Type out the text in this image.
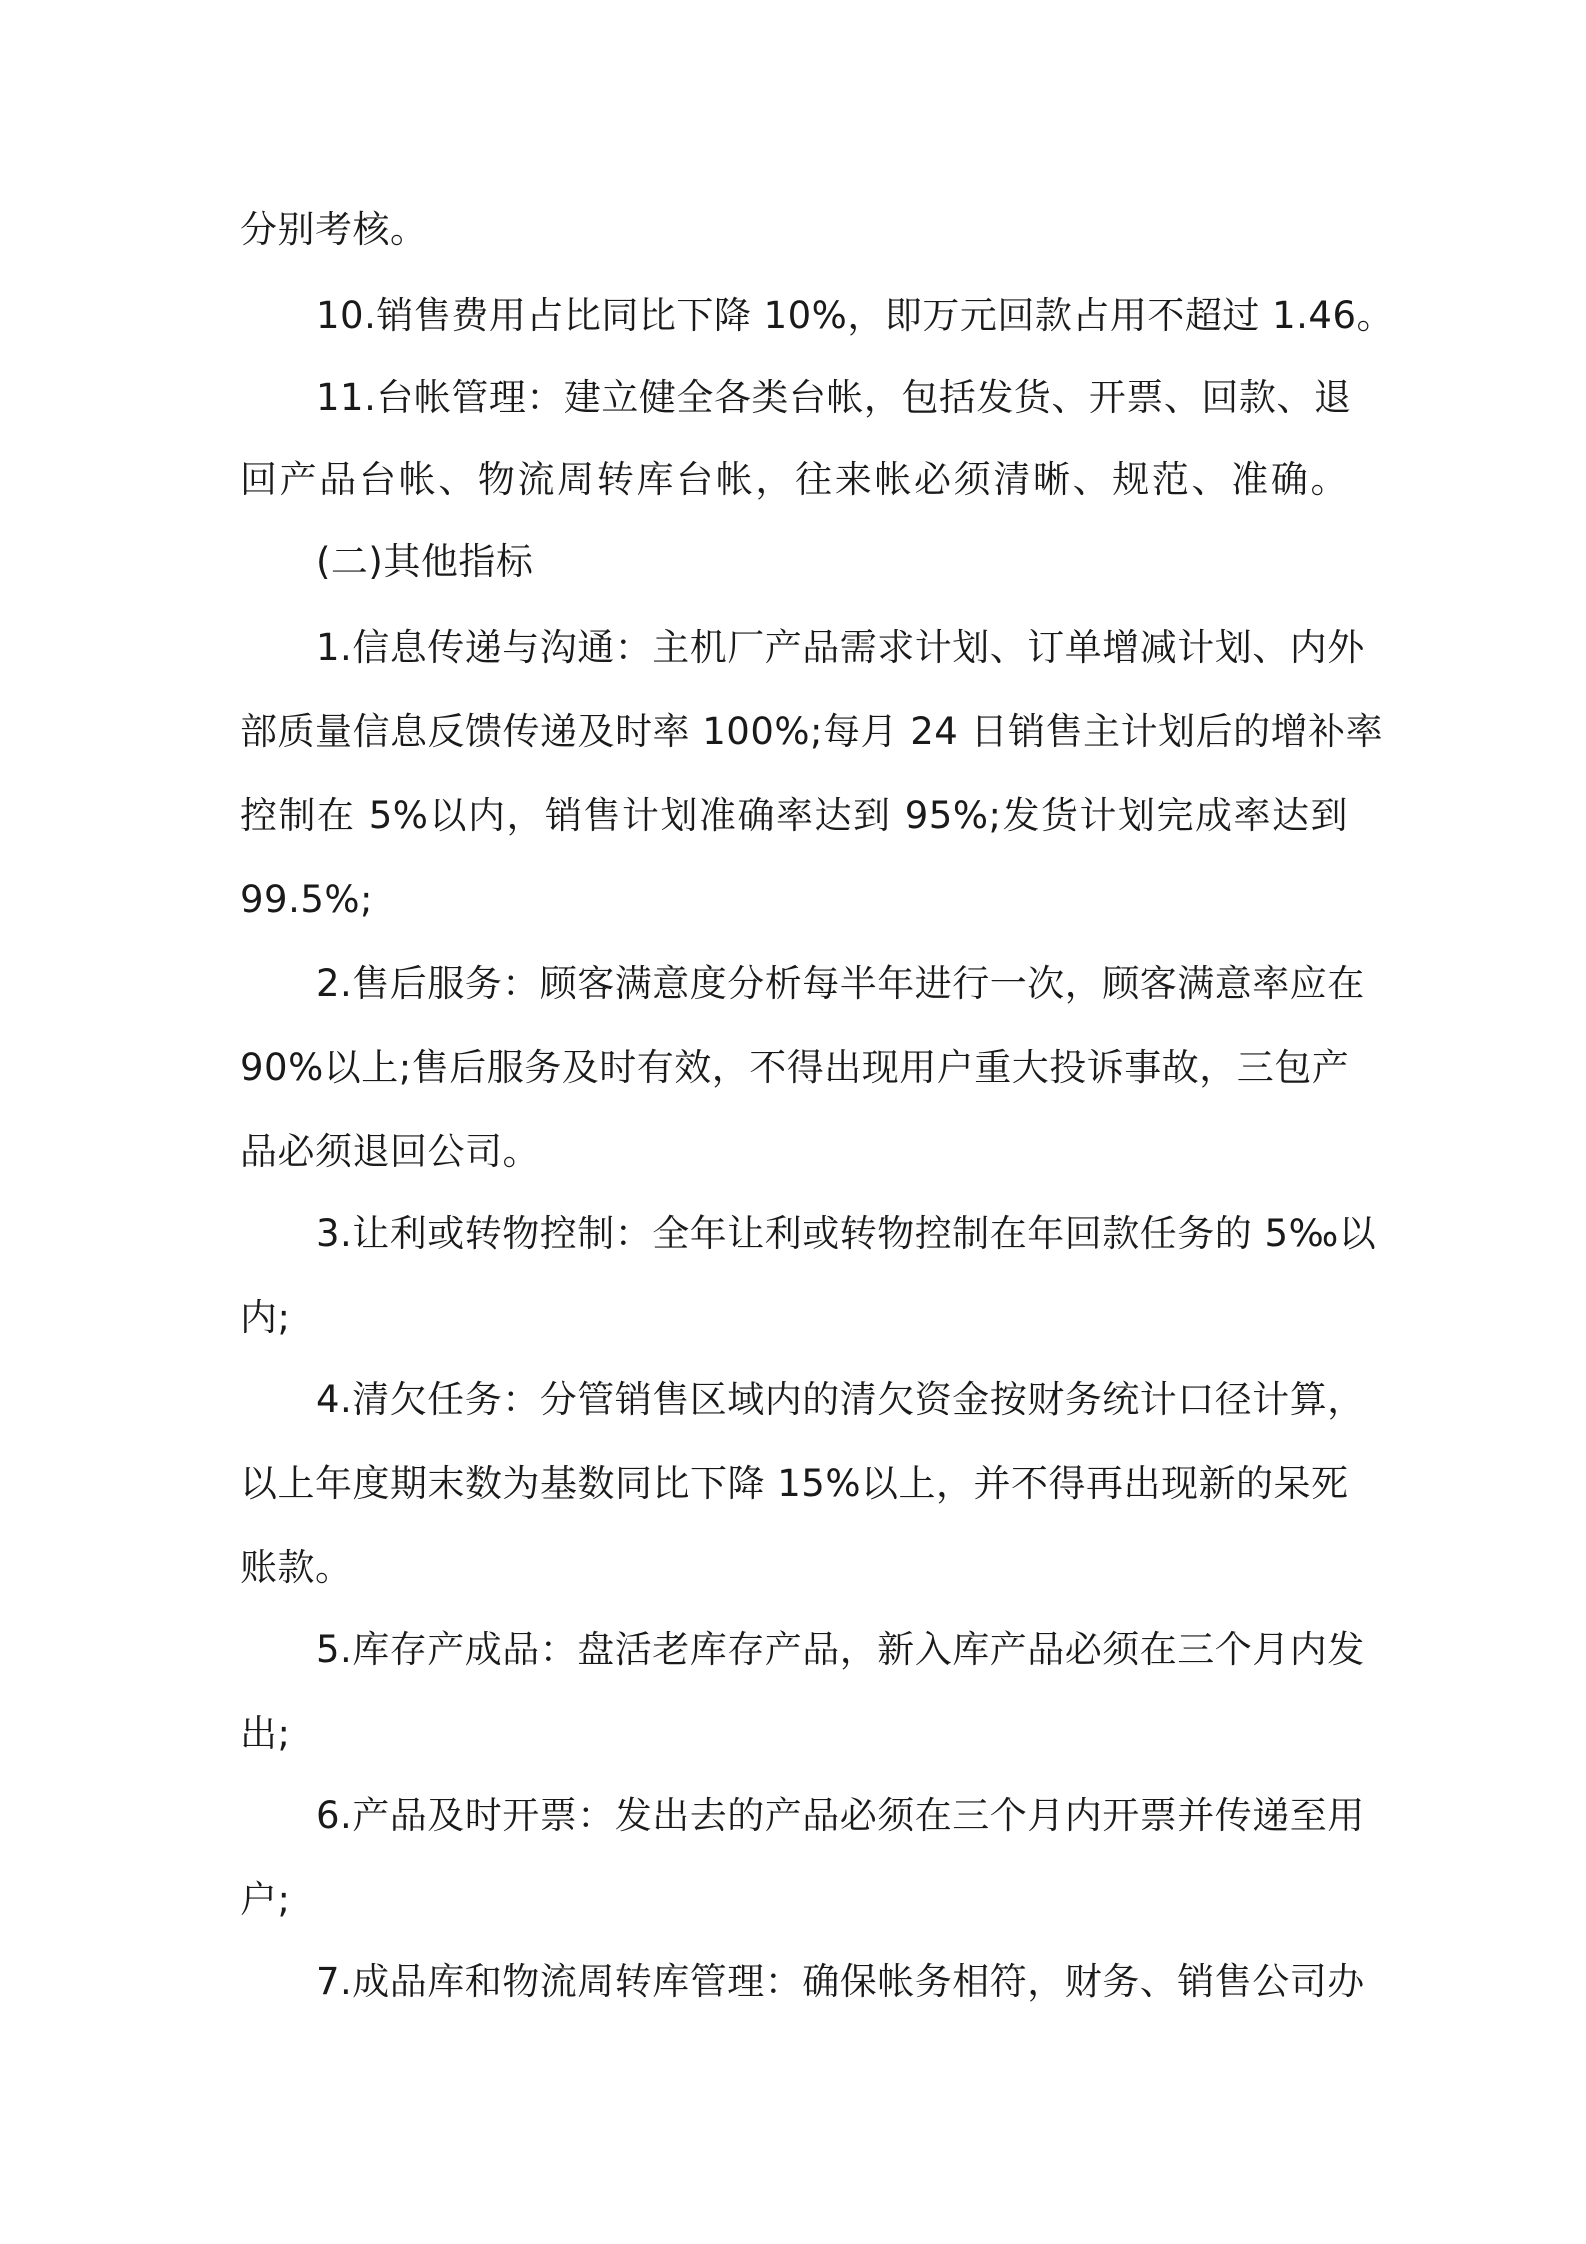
分别考核。
10.销售费用占比同比下降 10%，即万元回款占用不超过 1.46。
11.台帐管理：建立健全各类台帐，包括发货、开票、回款、退
回产品台帐、物流周转库台帐，往来帐必须清晰、规范、准确。
(二)其他指标
1.信息传递与沟通：主机厂产品需求计划、订单增减计划、内外
部质量信息反馈传递及时率 100%;每月 24 日销售主计划后的增补率
控制在 5%以内，销售计划准确率达到 95%;发货计划完成率达到
99.5%;
2.售后服务：顾客满意度分析每半年进行一次，顾客满意率应在
90%以上;售后服务及时有效，不得出现用户重大投诉事故，三包产
品必须退回公司。
3.让利或转物控制：全年让利或转物控制在年回款任务的 5‰以
内;
4.清欠任务：分管销售区域内的清欠资金按财务统计口径计算，
以上年度期末数为基数同比下降 15%以上，并不得再出现新的呆死
账款。
5.库存产成品：盘活老库存产品，新入库产品必须在三个月内发
出;
6.产品及时开票：发出去的产品必须在三个月内开票并传递至用
户;
7.成品库和物流周转库管理：确保帐务相符，财务、销售公司办
